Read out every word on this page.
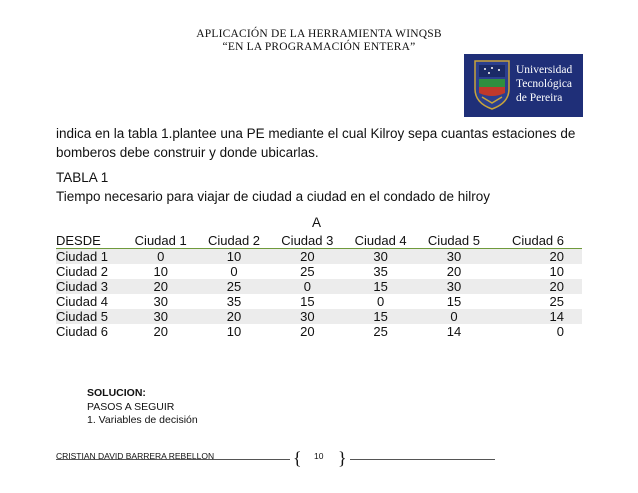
APLICACIÓN DE LA HERRAMIENTA WINQSB
“EN LA PROGRAMACIÓN ENTERA”
Universidad
Tecnológica
de Pereira
indica en la tabla 1.plantee una PE mediante el cual Kilroy sepa cuantas estaciones de bomberos debe construir y donde ubicarlas.
TABLA 1
Tiempo necesario para viajar de ciudad a ciudad en el condado de hilroy
A
DESDE	Ciudad 1	Ciudad 2	Ciudad 3	Ciudad 4	Ciudad 5	Ciudad 6
Ciudad 1	0	10	20	30	30	20
Ciudad 2	10	0	25	35	20	10
Ciudad 3	20	25	0	15	30	20
Ciudad 4	30	35	15	0	15	25
Ciudad 5	30	20	30	15	0	14
Ciudad 6	20	10	20	25	14	0
SOLUCION:
PASOS A SEGUIR
1. Variables de decisión
CRISTIAN DAVID BARRERA REBELLON	{ 10 }
